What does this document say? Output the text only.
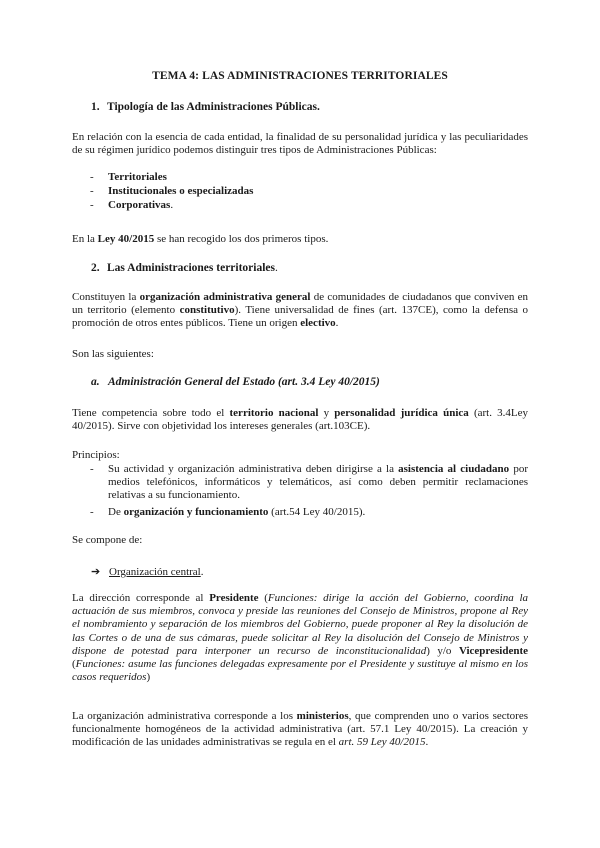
TEMA 4: LAS ADMINISTRACIONES TERRITORIALES
1. Tipología de las Administraciones Públicas.

En relación con la esencia de cada entidad, la finalidad de su personalidad jurídica y las peculiaridades de su régimen jurídico podemos distinguir tres tipos de Administraciones Públicas:

- Territoriales
- Institucionales o especializadas
- Corporativas.

En la Ley 40/2015 se han recogido los dos primeros tipos.

2. Las Administraciones territoriales.

Constituyen la organización administrativa general de comunidades de ciudadanos que conviven en un territorio (elemento constitutivo). Tiene universalidad de fines (art. 137CE), como la defensa o promoción de otros entes públicos. Tiene un origen electivo.

Son las siguientes:

a. Administración General del Estado (art. 3.4 Ley 40/2015)

Tiene competencia sobre todo el territorio nacional y personalidad jurídica única (art. 3.4Ley 40/2015). Sirve con objetividad los intereses generales (art.103CE).

Principios:

- Su actividad y organización administrativa deben dirigirse a la asistencia al ciudadano por medios telefónicos, informáticos y telemáticos, así como deben permitir reclamaciones relativas a su funcionamiento.
- De organización y funcionamiento (art.54 Ley 40/2015).

Se compone de:

➔ Organización central.

La dirección corresponde al Presidente (Funciones: dirige la acción del Gobierno, coordina la actuación de sus miembros, convoca y preside las reuniones del Consejo de Ministros, propone al Rey el nombramiento y separación de los miembros del Gobierno, puede proponer al Rey la disolución de las Cortes o de una de sus cámaras, puede solicitar al Rey la disolución del Consejo de Ministros y dispone de potestad para interponer un recurso de inconstitucionalidad) y/o Vicepresidente (Funciones: asume las funciones delegadas expresamente por el Presidente y sustituye al mismo en los casos requeridos)

La organización administrativa corresponde a los ministerios, que comprenden uno o varios sectores funcionalmente homogéneos de la actividad administrativa (art. 57.1 Ley 40/2015). La creación y modificación de las unidades administrativas se regula en el art. 59 Ley 40/2015.
